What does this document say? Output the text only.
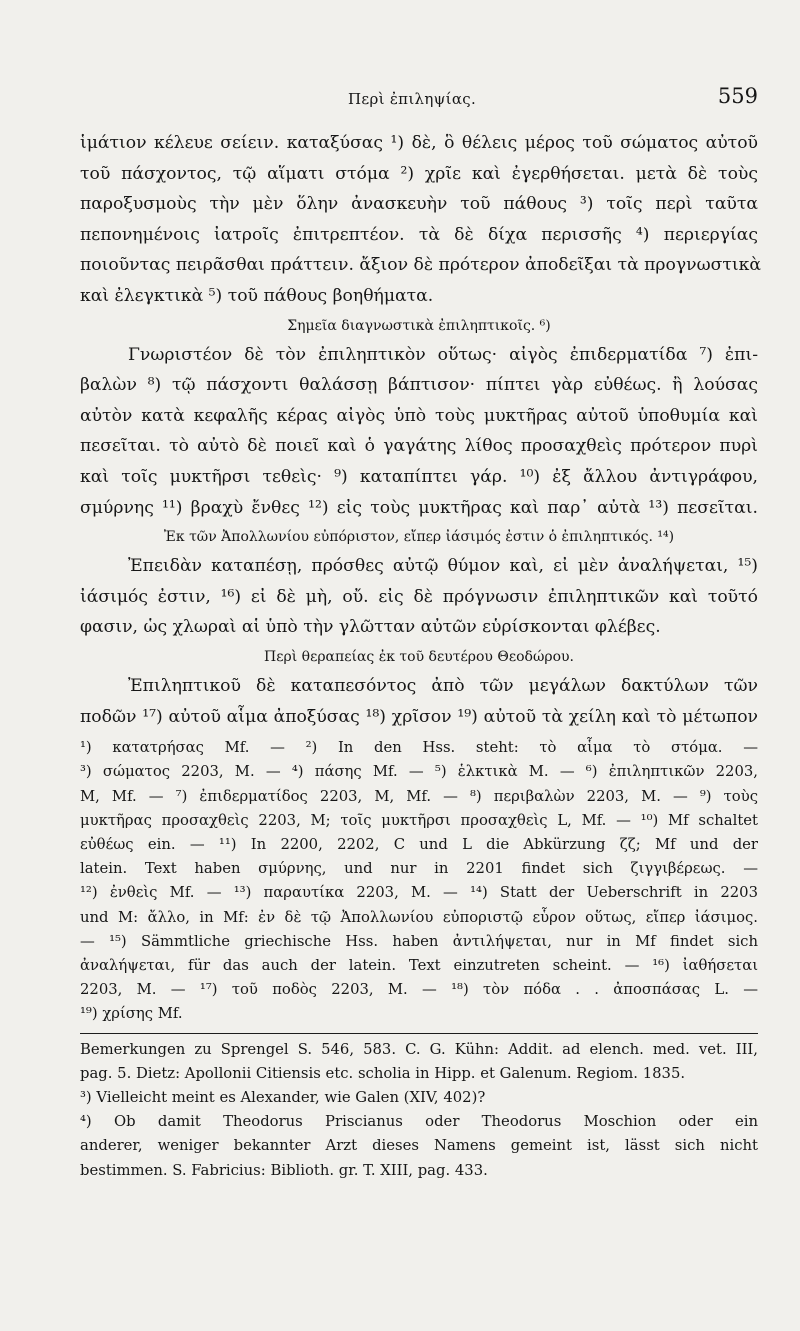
Περὶ ἐπιληψίας.	559

ἱμάτιον κέλευε σείειν. καταξύσας ¹) δὲ, ὃ θέλεις μέρος τοῦ σώματος αὐτοῦ

τοῦ πάσχοντος, τῷ αἵματι στόμα ²) χρῖε καὶ ἐγερθήσεται. μετὰ δὲ τοὺς

παροξυσμοὺς τὴν μὲν ὅλην ἀνασκευὴν τοῦ πάθους ³) τοῖς περὶ ταῦτα

πεπονημένοις ἰατροῖς ἐπιτρεπτέον. τὰ δὲ δίχα περισσῆς ⁴) περιεργίας

ποιοῦντας πειρᾶσθαι πράττειν. ἄξιον δὲ πρότερον ἀποδεῖξαι τὰ προγνωστικὰ

καὶ ἐλεγκτικὰ ⁵) τοῦ πάθους βοηθήματα.

Σημεῖα διαγνωστικὰ ἐπιληπτικοῖς. ⁶)

Γνωριστέον δὲ τὸν ἐπιληπτικὸν οὕτως· αἰγὸς ἐπιδερματίδα ⁷) ἐπι-

βαλὼν ⁸) τῷ πάσχοντι θαλάσσῃ βάπτισον· πίπτει γὰρ εὐθέως. ἢ λούσας

αὐτὸν κατὰ κεφαλῆς κέρας αἰγὸς ὑπὸ τοὺς μυκτῆρας αὐτοῦ ὑποθυμία καὶ

πεσεῖται. τὸ αὐτὸ δὲ ποιεῖ καὶ ὁ γαγάτης λίθος προσαχθεὶς πρότερον πυρὶ

καὶ τοῖς μυκτῆρσι τεθεὶς· ⁹) καταπίπτει γάρ. ¹⁰) ἐξ ἄλλου ἀντιγράφου,

σμύρνης ¹¹) βραχὺ ἔνθες ¹²) εἰς τοὺς μυκτῆρας καὶ παρ᾽ αὐτὰ ¹³) πεσεῖται.

Ἐκ τῶν Ἀπολλωνίου εὐπόριστον, εἴπερ ἰάσιμός ἐστιν ὁ ἐπιληπτικός. ¹⁴)

Ἐπειδὰν καταπέσῃ, πρόσθες αὐτῷ θύμον καὶ, εἰ μὲν ἀναλήψεται, ¹⁵)

ἰάσιμός ἐστιν, ¹⁶) εἰ δὲ μὴ, οὔ. εἰς δὲ πρόγνωσιν ἐπιληπτικῶν καὶ τοῦτό

φασιν, ὡς χλωραὶ αἱ ὑπὸ τὴν γλῶτταν αὐτῶν εὑρίσκονται φλέβες.

Περὶ θεραπείας ἐκ τοῦ δευτέρου Θεοδώρου.

Ἐπιληπτικοῦ δὲ καταπεσόντος ἀπὸ τῶν μεγάλων δακτύλων τῶν

ποδῶν ¹⁷) αὐτοῦ αἷμα ἀποξύσας ¹⁸) χρῖσον ¹⁹) αὐτοῦ τὰ χείλη καὶ τὸ μέτωπον

¹) κατατρήσας Mf. — ²) In den Hss. steht: τὸ αἷμα τὸ στόμα. —

³) σώματος 2203, M. — ⁴) πάσης Mf. — ⁵) ἑλκτικὰ M. — ⁶) ἐπιληπτικῶν 2203,

M, Mf. — ⁷) ἐπιδερματίδος 2203, M, Mf. — ⁸) περιβαλὼν 2203, M. — ⁹) τοὺς

μυκτῆρας προσαχθεὶς 2203, M; τοῖς μυκτῆρσι προσαχθεὶς L, Mf. — ¹⁰) Mf schaltet

εὐθέως ein. — ¹¹) In 2200, 2202, C und L die Abkürzung ζζ; Mf und der

latein. Text haben σμύρνης, und nur in 2201 findet sich ζιγγιβέρεως. —

¹²) ἐνθεὶς Mf. — ¹³) παραυτίκα 2203, M. — ¹⁴) Statt der Ueberschrift in 2203

und M: ἄλλο, in Mf: ἐν δὲ τῷ Ἀπολλωνίου εὐποριστῷ εὗρον οὕτως, εἴπερ ἰάσιμος.

— ¹⁵) Sämmtliche griechische Hss. haben ἀντιλήψεται, nur in Mf findet sich

ἀναλήψεται, für das auch der latein. Text einzutreten scheint. — ¹⁶) ἰαθήσεται

2203, M. — ¹⁷) τοῦ ποδὸς 2203, M. — ¹⁸) τὸν πόδα . . ἀποσπάσας L. —

¹⁹) χρίσης Mf.

Bemerkungen zu Sprengel S. 546, 583. C. G. Kühn: Addit. ad elench. med. vet. III,

pag. 5. Dietz: Apollonii Citiensis etc. scholia in Hipp. et Galenum. Regiom. 1835.

³) Vielleicht meint es Alexander, wie Galen (XIV, 402)?

⁴) Ob damit Theodorus Priscianus oder Theodorus Moschion oder ein

anderer, weniger bekannter Arzt dieses Namens gemeint ist, lässt sich nicht

bestimmen. S. Fabricius: Biblioth. gr. T. XIII, pag. 433.
